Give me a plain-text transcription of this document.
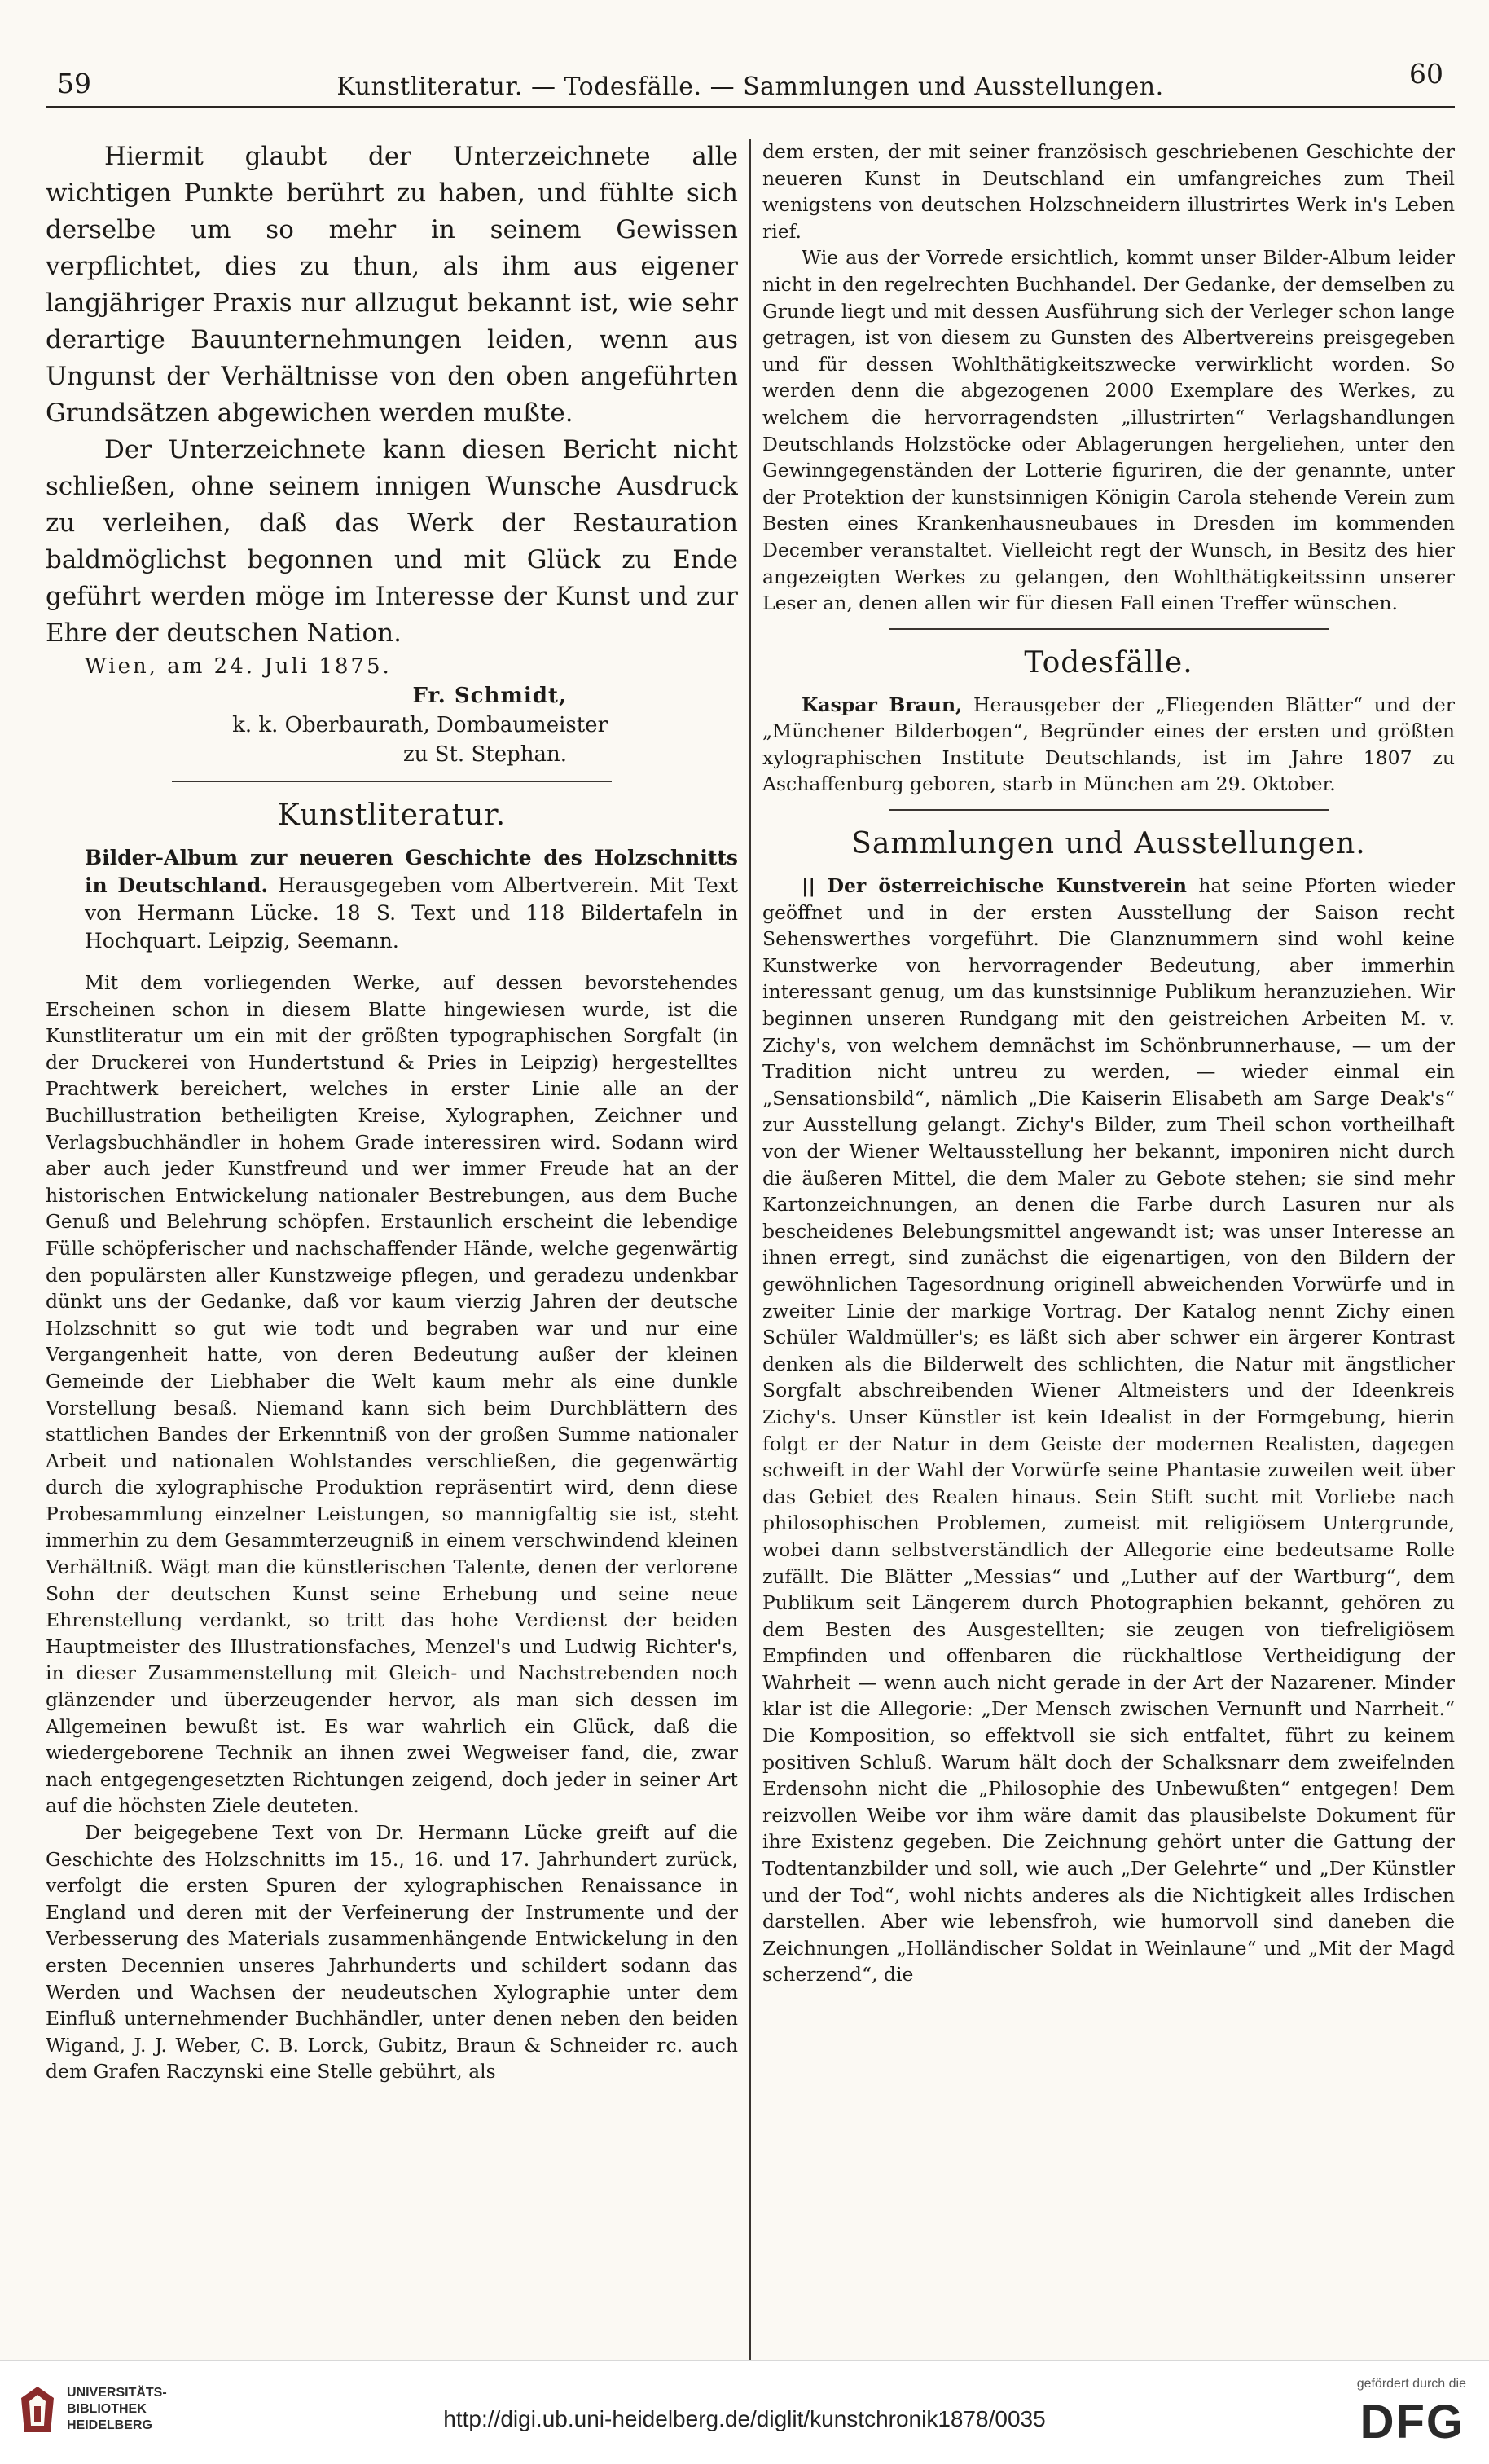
59	Kunstliteratur. — Todesfälle. — Sammlungen und Ausstellungen.	60

Hiermit glaubt der Unterzeichnete alle wichtigen Punkte berührt zu haben, und fühlte sich derselbe um so mehr in seinem Gewissen verpflichtet, dies zu thun, als ihm aus eigener langjähriger Praxis nur allzugut bekannt ist, wie sehr derartige Bauunternehmungen leiden, wenn aus Ungunst der Verhältnisse von den oben angeführten Grundsätzen abgewichen werden mußte.

Der Unterzeichnete kann diesen Bericht nicht schließen, ohne seinem innigen Wunsche Ausdruck zu verleihen, daß das Werk der Restauration baldmöglichst begonnen und mit Glück zu Ende geführt werden möge im Interesse der Kunst und zur Ehre der deutschen Nation.

Wien, am 24. Juli 1875.
Fr. Schmidt,
k. k. Oberbaurath, Dombaumeister
zu St. Stephan.
Kunstliteratur.

Bilder-Album zur neueren Geschichte des Holzschnitts in Deutschland. Herausgegeben vom Albertverein. Mit Text von Hermann Lücke. 18 S. Text und 118 Bildertafeln in Hochquart. Leipzig, Seemann.

Mit dem vorliegenden Werke, auf dessen bevorstehendes Erscheinen schon in diesem Blatte hingewiesen wurde, ist die Kunstliteratur um ein mit der größten typographischen Sorgfalt (in der Druckerei von Hundertstund & Pries in Leipzig) hergestelltes Prachtwerk bereichert, welches in erster Linie alle an der Buchillustration betheiligten Kreise, Xylographen, Zeichner und Verlagsbuchhändler in hohem Grade interessiren wird. Sodann wird aber auch jeder Kunstfreund und wer immer Freude hat an der historischen Entwickelung nationaler Bestrebungen, aus dem Buche Genuß und Belehrung schöpfen. Erstaunlich erscheint die lebendige Fülle schöpferischer und nachschaffender Hände, welche gegenwärtig den populärsten aller Kunstzweige pflegen, und geradezu undenkbar dünkt uns der Gedanke, daß vor kaum vierzig Jahren der deutsche Holzschnitt so gut wie todt und begraben war und nur eine Vergangenheit hatte, von deren Bedeutung außer der kleinen Gemeinde der Liebhaber die Welt kaum mehr als eine dunkle Vorstellung besaß. Niemand kann sich beim Durchblättern des stattlichen Bandes der Erkenntniß von der großen Summe nationaler Arbeit und nationalen Wohlstandes verschließen, die gegenwärtig durch die xylographische Produktion repräsentirt wird, denn diese Probesammlung einzelner Leistungen, so mannigfaltig sie ist, steht immerhin zu dem Gesammterzeugniß in einem verschwindend kleinen Verhältniß. Wägt man die künstlerischen Talente, denen der verlorene Sohn der deutschen Kunst seine Erhebung und seine neue Ehrenstellung verdankt, so tritt das hohe Verdienst der beiden Hauptmeister des Illustrationsfaches, Menzel's und Ludwig Richter's, in dieser Zusammenstellung mit Gleich- und Nachstrebenden noch glänzender und überzeugender hervor, als man sich dessen im Allgemeinen bewußt ist. Es war wahrlich ein Glück, daß die wiedergeborene Technik an ihnen zwei Wegweiser fand, die, zwar nach entgegengesetzten Richtungen zeigend, doch jeder in seiner Art auf die höchsten Ziele deuteten.

Der beigegebene Text von Dr. Hermann Lücke greift auf die Geschichte des Holzschnitts im 15., 16. und 17. Jahrhundert zurück, verfolgt die ersten Spuren der xylographischen Renaissance in England und deren mit der Verfeinerung der Instrumente und der Verbesserung des Materials zusammenhängende Entwickelung in den ersten Decennien unseres Jahrhunderts und schildert sodann das Werden und Wachsen der neudeutschen Xylographie unter dem Einfluß unternehmender Buchhändler, unter denen neben den beiden Wigand, J. J. Weber, C. B. Lorck, Gubitz, Braun & Schneider rc. auch dem Grafen Raczynski eine Stelle gebührt, als

dem ersten, der mit seiner französisch geschriebenen Geschichte der neueren Kunst in Deutschland ein umfangreiches zum Theil wenigstens von deutschen Holzschneidern illustrirtes Werk in's Leben rief.

Wie aus der Vorrede ersichtlich, kommt unser Bilder-Album leider nicht in den regelrechten Buchhandel. Der Gedanke, der demselben zu Grunde liegt und mit dessen Ausführung sich der Verleger schon lange getragen, ist von diesem zu Gunsten des Albertvereins preisgegeben und für dessen Wohlthätigkeitszwecke verwirklicht worden. So werden denn die abgezogenen 2000 Exemplare des Werkes, zu welchem die hervorragendsten „illustrirten“ Verlagshandlungen Deutschlands Holzstöcke oder Ablagerungen hergeliehen, unter den Gewinngegenständen der Lotterie figuriren, die der genannte, unter der Protektion der kunstsinnigen Königin Carola stehende Verein zum Besten eines Krankenhausneubaues in Dresden im kommenden December veranstaltet. Vielleicht regt der Wunsch, in Besitz des hier angezeigten Werkes zu gelangen, den Wohlthätigkeitssinn unserer Leser an, denen allen wir für diesen Fall einen Treffer wünschen.

Todesfälle.

Kaspar Braun, Herausgeber der „Fliegenden Blätter“ und der „Münchener Bilderbogen“, Begründer eines der ersten und größten xylographischen Institute Deutschlands, ist im Jahre 1807 zu Aschaffenburg geboren, starb in München am 29. Oktober.

Sammlungen und Ausstellungen.

|| Der österreichische Kunstverein hat seine Pforten wieder geöffnet und in der ersten Ausstellung der Saison recht Sehenswerthes vorgeführt. Die Glanznummern sind wohl keine Kunstwerke von hervorragender Bedeutung, aber immerhin interessant genug, um das kunstsinnige Publikum heranzuziehen. Wir beginnen unseren Rundgang mit den geistreichen Arbeiten M. v. Zichy's, von welchem demnächst im Schönbrunnerhause, — um der Tradition nicht untreu zu werden, — wieder einmal ein „Sensationsbild“, nämlich „Die Kaiserin Elisabeth am Sarge Deak's“ zur Ausstellung gelangt. Zichy's Bilder, zum Theil schon vortheilhaft von der Wiener Weltausstellung her bekannt, imponiren nicht durch die äußeren Mittel, die dem Maler zu Gebote stehen; sie sind mehr Kartonzeichnungen, an denen die Farbe durch Lasuren nur als bescheidenes Belebungsmittel angewandt ist; was unser Interesse an ihnen erregt, sind zunächst die eigenartigen, von den Bildern der gewöhnlichen Tagesordnung originell abweichenden Vorwürfe und in zweiter Linie der markige Vortrag. Der Katalog nennt Zichy einen Schüler Waldmüller's; es läßt sich aber schwer ein ärgerer Kontrast denken als die Bilderwelt des schlichten, die Natur mit ängstlicher Sorgfalt abschreibenden Wiener Altmeisters und der Ideenkreis Zichy's. Unser Künstler ist kein Idealist in der Formgebung, hierin folgt er der Natur in dem Geiste der modernen Realisten, dagegen schweift in der Wahl der Vorwürfe seine Phantasie zuweilen weit über das Gebiet des Realen hinaus. Sein Stift sucht mit Vorliebe nach philosophischen Problemen, zumeist mit religiösem Untergrunde, wobei dann selbstverständlich der Allegorie eine bedeutsame Rolle zufällt. Die Blätter „Messias“ und „Luther auf der Wartburg“, dem Publikum seit Längerem durch Photographien bekannt, gehören zu dem Besten des Ausgestellten; sie zeugen von tiefreligiösem Empfinden und offenbaren die rückhaltlose Vertheidigung der Wahrheit — wenn auch nicht gerade in der Art der Nazarener. Minder klar ist die Allegorie: „Der Mensch zwischen Vernunft und Narrheit.“ Die Komposition, so effektvoll sie sich entfaltet, führt zu keinem positiven Schluß. Warum hält doch der Schalksnarr dem zweifelnden Erdensohn nicht die „Philosophie des Unbewußten“ entgegen! Dem reizvollen Weibe vor ihm wäre damit das plausibelste Dokument für ihre Existenz gegeben. Die Zeichnung gehört unter die Gattung der Todtentanzbilder und soll, wie auch „Der Gelehrte“ und „Der Künstler und der Tod“, wohl nichts anderes als die Nichtigkeit alles Irdischen darstellen. Aber wie lebensfroh, wie humorvoll sind daneben die Zeichnungen „Holländischer Soldat in Weinlaune“ und „Mit der Magd scherzend“, die

UNIVERSITÄTS-
BIBLIOTHEK
HEIDELBERG	http://digi.ub.uni-heidelberg.de/diglit/kunstchronik1878/0035
gefördert durch die
DFG
